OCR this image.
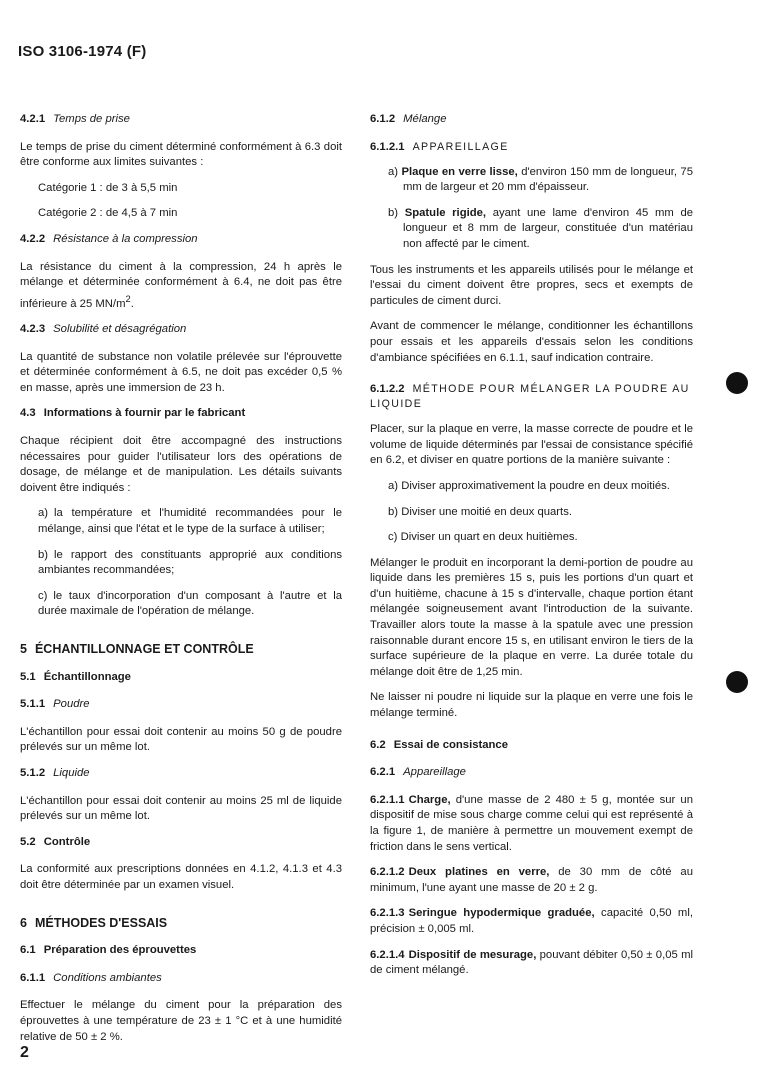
ISO 3106-1974 (F)
4.2.1 Temps de prise
Le temps de prise du ciment déterminé conformément à 6.3 doit être conforme aux limites suivantes :
Catégorie 1 : de 3 à 5,5 min
Catégorie 2 : de 4,5 à 7 min
4.2.2 Résistance à la compression
La résistance du ciment à la compression, 24 h après le mélange et déterminée conformément à 6.4, ne doit pas être inférieure à 25 $MN/m^2$.
4.2.3 Solubilité et désagrégation
La quantité de substance non volatile prélevée sur l'éprouvette et déterminée conformément à 6.5, ne doit pas excéder 0,5 % en masse, après une immersion de 23 h.
4.3 Informations à fournir par le fabricant
Chaque récipient doit être accompagné des instructions nécessaires pour guider l'utilisateur lors des opérations de dosage, de mélange et de manipulation. Les détails suivants doivent être indiqués :
a) la température et l'humidité recommandées pour le mélange, ainsi que l'état et le type de la surface à utiliser;
b) le rapport des constituants approprié aux conditions ambiantes recommandées;
c) le taux d'incorporation d'un composant à l'autre et la durée maximale de l'opération de mélange.
5 ÉCHANTILLONNAGE ET CONTRÔLE
5.1 Échantillonnage
5.1.1 Poudre
L'échantillon pour essai doit contenir au moins 50 g de poudre prélevés sur un même lot.
5.1.2 Liquide
L'échantillon pour essai doit contenir au moins 25 ml de liquide prélevés sur un même lot.
5.2 Contrôle
La conformité aux prescriptions données en 4.1.2, 4.1.3 et 4.3 doit être déterminée par un examen visuel.
6 MÉTHODES D'ESSAIS
6.1 Préparation des éprouvettes
6.1.1 Conditions ambiantes
Effectuer le mélange du ciment pour la préparation des éprouvettes à une température de 23 ± 1 °C et à une humidité relative de 50 ± 2 %.
6.1.2 Mélange
6.1.2.1 APPAREILLAGE
a) Plaque en verre lisse, d'environ 150 mm de longueur, 75 mm de largeur et 20 mm d'épaisseur.
b) Spatule rigide, ayant une lame d'environ 45 mm de longueur et 8 mm de largeur, constituée d'un matériau non affecté par le ciment.
Tous les instruments et les appareils utilisés pour le mélange et l'essai du ciment doivent être propres, secs et exempts de particules de ciment durci.
Avant de commencer le mélange, conditionner les échantillons pour essais et les appareils d'essais selon les conditions d'ambiance spécifiées en 6.1.1, sauf indication contraire.
6.1.2.2 MÉTHODE POUR MÉLANGER LA POUDRE AU LIQUIDE
Placer, sur la plaque en verre, la masse correcte de poudre et le volume de liquide déterminés par l'essai de consistance spécifié en 6.2, et diviser en quatre portions de la manière suivante :
a) Diviser approximativement la poudre en deux moitiés.
b) Diviser une moitié en deux quarts.
c) Diviser un quart en deux huitièmes.
Mélanger le produit en incorporant la demi-portion de poudre au liquide dans les premières 15 s, puis les portions d'un quart et d'un huitième, chacune à 15 s d'intervalle, chaque portion étant mélangée soigneusement avant l'introduction de la suivante. Travailler alors toute la masse à la spatule avec une pression raisonnable durant encore 15 s, en utilisant environ le tiers de la surface supérieure de la plaque en verre. La durée totale du mélange doit être de 1,25 min.
Ne laisser ni poudre ni liquide sur la plaque en verre une fois le mélange terminé.
6.2 Essai de consistance
6.2.1 Appareillage
6.2.1.1 Charge, d'une masse de 2 480 ± 5 g, montée sur un dispositif de mise sous charge comme celui qui est représenté à la figure 1, de manière à permettre un mouvement exempt de friction dans le sens vertical.
6.2.1.2 Deux platines en verre, de 30 mm de côté au minimum, l'une ayant une masse de 20 ± 2 g.
6.2.1.3 Seringue hypodermique graduée, capacité 0,50 ml, précision ± 0,005 ml.
6.2.1.4 Dispositif de mesurage, pouvant débiter 0,50 ± 0,05 ml de ciment mélangé.
2
